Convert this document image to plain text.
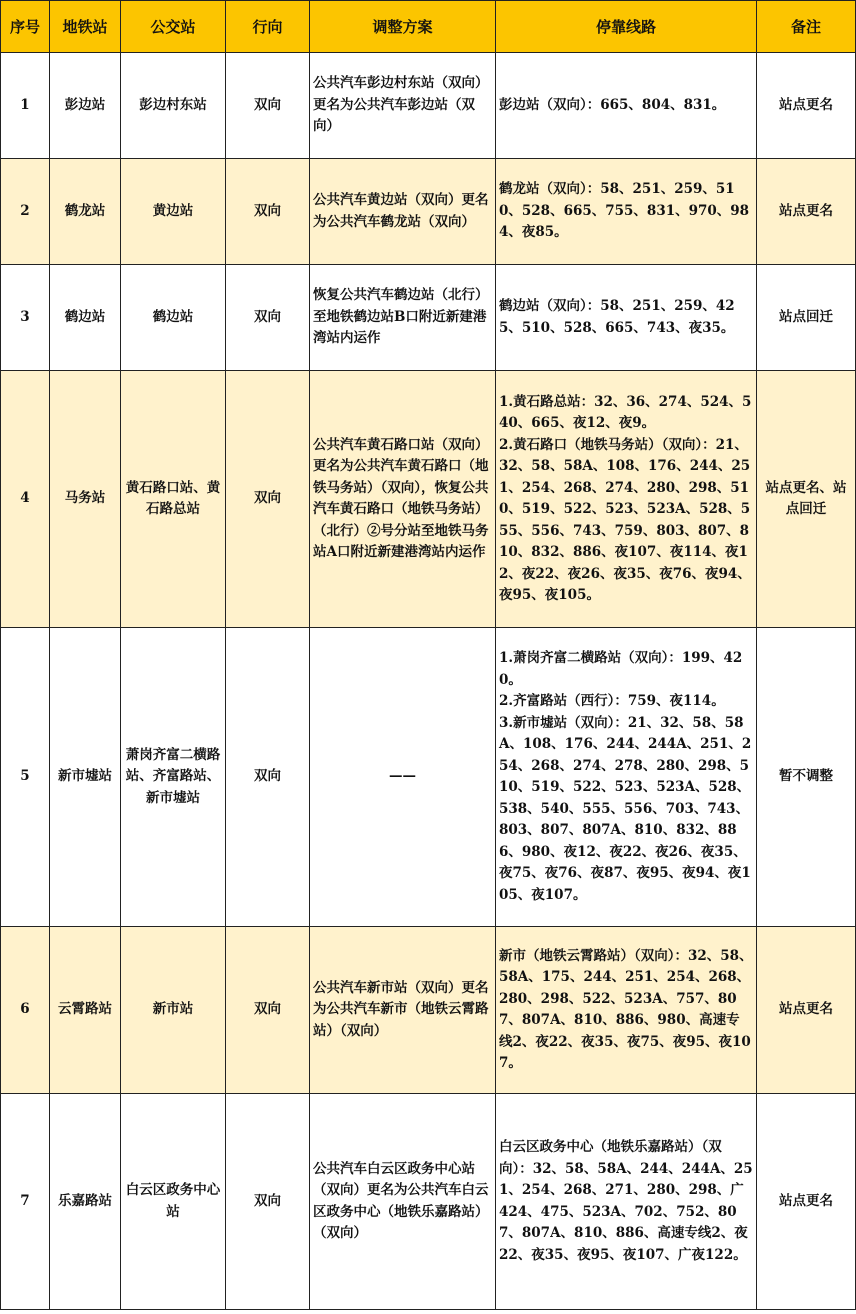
序号	地铁站	公交站	行向	调整方案	停靠线路	备注
1	彭边站	彭边村东站	双向	公共汽车彭边村东站（双向）更名为公共汽车彭边站（双向）	彭边站（双向）：665、804、831。	站点更名
2	鹤龙站	黄边站	双向	公共汽车黄边站（双向）更名为公共汽车鹤龙站（双向）	鹤龙站（双向）：58、251、259、510、528、665、755、831、970、984、夜85。	站点更名
3	鹤边站	鹤边站	双向	恢复公共汽车鹤边站（北行）至地铁鹤边站B口附近新建港湾站内运作	鹤边站（双向）：58、251、259、425、510、528、665、743、夜35。	站点回迁
4	马务站	黄石路口站、黄石路总站	双向	公共汽车黄石路口站（双向）更名为公共汽车黄石路口（地铁马务站）（双向），恢复公共汽车黄石路口（地铁马务站）（北行）②号分站至地铁马务站A口附近新建港湾站内运作	1.黄石路总站：32、36、274、524、540、665、夜12、夜9。
2.黄石路口（地铁马务站）（双向）：21、32、58、58A、108、176、244、251、254、268、274、280、298、510、519、522、523、523A、528、555、556、743、759、803、807、810、832、886、夜107、夜114、夜12、夜22、夜26、夜35、夜76、夜94、夜95、夜105。	站点更名、站点回迁
5	新市墟站	萧岗齐富二横路站、齐富路站、新市墟站	双向	——	1.萧岗齐富二横路站（双向）：199、420。
2.齐富路站（西行）：759、夜114。
3.新市墟站（双向）：21、32、58、58A、108、176、244、244A、251、254、268、274、278、280、298、510、519、522、523、523A、528、538、540、555、556、703、743、803、807、807A、810、832、886、980、夜12、夜22、夜26、夜35、夜75、夜76、夜87、夜95、夜94、夜105、夜107。	暂不调整
6	云霄路站	新市站	双向	公共汽车新市站（双向）更名为公共汽车新市（地铁云霄路站）（双向）	新市（地铁云霄路站）（双向）：32、58、58A、175、244、251、254、268、280、298、522、523A、757、807、807A、810、886、980、高速专线2、夜22、夜35、夜75、夜95、夜107。	站点更名
7	乐嘉路站	白云区政务中心站	双向	公共汽车白云区政务中心站（双向）更名为公共汽车白云区政务中心（地铁乐嘉路站）（双向）	白云区政务中心（地铁乐嘉路站）（双向）：32、58、58A、244、244A、251、254、268、271、280、298、广424、475、523A、702、752、807、807A、810、886、高速专线2、夜22、夜35、夜95、夜107、广夜122。	站点更名
